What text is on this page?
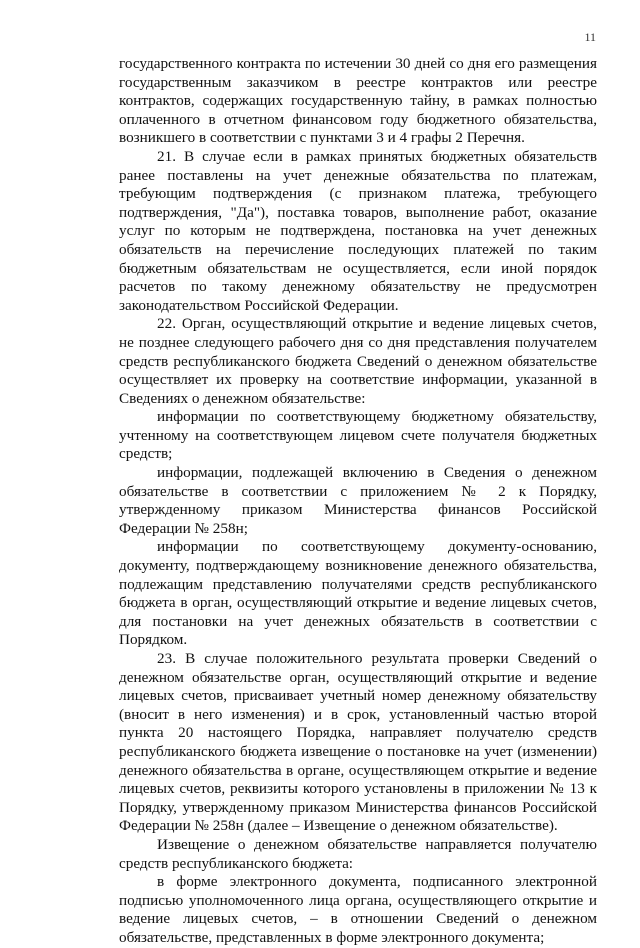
11

государственного контракта по истечении 30 дней со дня его размещения государственным заказчиком в реестре контрактов или реестре контрактов, содержащих государственную тайну, в рамках полностью оплаченного в отчетном финансовом году бюджетного обязательства, возникшего в соответствии с пунктами 3 и 4 графы 2 Перечня.

21. В случае если в рамках принятых бюджетных обязательств ранее поставлены на учет денежные обязательства по платежам, требующим подтверждения (с признаком платежа, требующего подтверждения, "Да"), поставка товаров, выполнение работ, оказание услуг по которым не подтверждена, постановка на учет денежных обязательств на перечисление последующих платежей по таким бюджетным обязательствам не осуществляется, если иной порядок расчетов по такому денежному обязательству не предусмотрен законодательством Российской Федерации.

22. Орган, осуществляющий открытие и ведение лицевых счетов, не позднее следующего рабочего дня со дня представления получателем средств республиканского бюджета Сведений о денежном обязательстве осуществляет их проверку на соответствие информации, указанной в Сведениях о денежном обязательстве:

информации по соответствующему бюджетному обязательству, учтенному на соответствующем лицевом счете получателя бюджетных средств;

информации, подлежащей включению в Сведения о денежном обязательстве в соответствии с приложением № 2 к Порядку, утвержденному приказом Министерства финансов Российской Федерации № 258н;

информации по соответствующему документу-основанию, документу, подтверждающему возникновение денежного обязательства, подлежащим представлению получателями средств республиканского бюджета в орган, осуществляющий открытие и ведение лицевых счетов, для постановки на учет денежных обязательств в соответствии с Порядком.

23. В случае положительного результата проверки Сведений о денежном обязательстве орган, осуществляющий открытие и ведение лицевых счетов, присваивает учетный номер денежному обязательству (вносит в него изменения) и в срок, установленный частью второй пункта 20 настоящего Порядка, направляет получателю средств республиканского бюджета извещение о постановке на учет (изменении) денежного обязательства в органе, осуществляющем открытие и ведение лицевых счетов, реквизиты которого установлены в приложении № 13 к Порядку, утвержденному приказом Министерства финансов Российской Федерации № 258н (далее – Извещение о денежном обязательстве).

Извещение о денежном обязательстве направляется получателю средств республиканского бюджета:

в форме электронного документа, подписанного электронной подписью уполномоченного лица органа, осуществляющего открытие и ведение лицевых счетов, – в отношении Сведений о денежном обязательстве, представленных в форме электронного документа;
